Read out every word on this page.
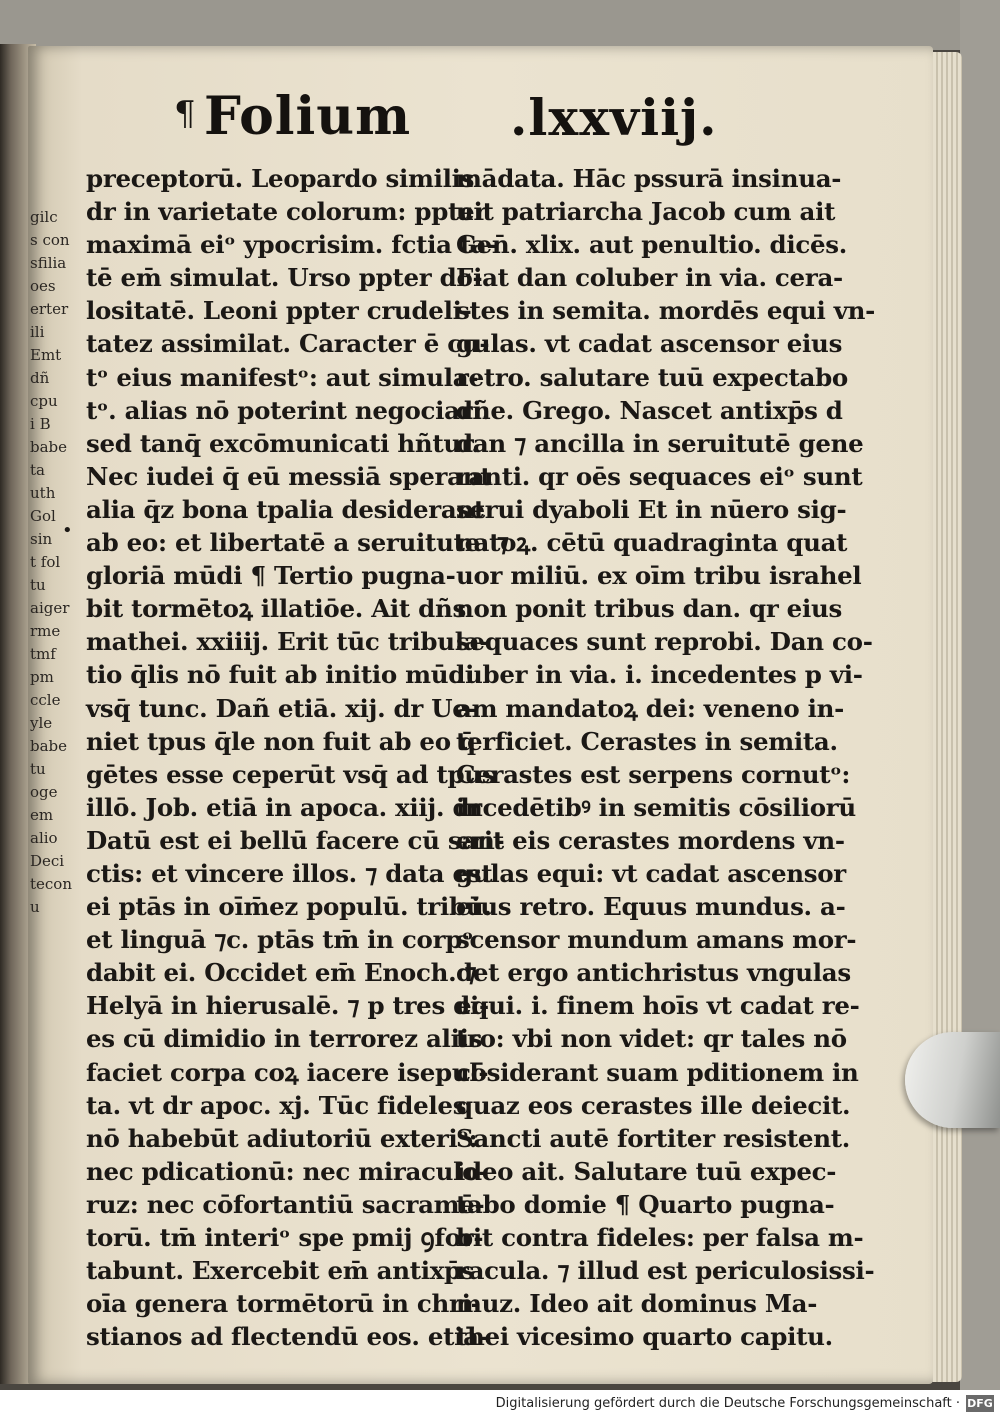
gilc
s con
sfilia
oes
erter
ili
Emt
dñ
cpu
i B
babe
ta
uth
Gol
sin
t fol
tu
aiger
rme
tmf
pm
ccle
yle
babe
tu
oge
em
alio
Deci
tecon
u
¶ Folium .lxxviij.
•
preceptorū. Leopardo similis
dr in varietate colorum: ppter
maximā eiᵒ ypocrisim. fctia ta-
tē em̄ simulat. Urso ppter do-
lositatē. Leoni ppter crudeli-
tatez assimilat. Caracter ē cu-
tᵒ eius manifestᵒ: aut simula-
tᵒ. alias nō poterint negociari:
sed tanq̄ excōmunicati hñtur.
Nec iudei q̄ eū messiā sperant
alia q̄z bona tpalia desiderant
ab eo: et libertatē a seruitute: ⁊
gloriā mūdi ¶ Tertio pugna-
bit tormētoꝝ illatiōe. Ait dñs
mathei. xxiiij. Erit tūc tribula-
tio q̄lis nō fuit ab initio mūdi
vsq̄ tunc. Dañ etiā. xij. dr Ue-
niet tpus q̄le non fuit ab eo q̄
gētes esse ceperūt vsq̄ ad tpus
illō. Job. etiā in apoca. xiij. dr
Datū est ei bellū facere cū san-
ctis: et vincere illos. ⁊ data est
ei ptās in oīm̄ez populū. tribū.
et linguā ⁊c. ptās tm̄ in corpᵒ
dabit ei. Occidet em̄ Enoch. ⁊
Helyā in hierusalē. ⁊ p tres di-
es cū dimidio in terrorez aliis
faciet corpa coꝝ iacere isepul-
ta. vt dr apoc. xj. Tūc fideles
nō habebūt adiutoriū exteriᵒ:
nec pdicationū: nec miraculo-
ruz: nec cōfortantiū sacramē-
torū. tm̄ interiᵒ spe pmij ꝯfor-
tabunt. Exercebit em̄ antixp̄s
oīa genera tormētorū in chri-
stianos ad flectendū eos. etiā-
mādata. Hāc pssurā insinua-
uit patriarcha Jacob cum ait
Gen̄. xlix. aut penultio. dicēs.
Fiat dan coluber in via. cera-
stes in semita. mordēs equi vn-
gulas. vt cadat ascensor eius
retro. salutare tuū expectabo
dñe. Grego. Nascet antixp̄s d
dan ⁊ ancilla in seruitutē gene
ranti. qr oēs sequaces eiᵒ sunt
serui dyaboli Et in nūero sig-
natoꝝ. cētū quadraginta quat
uor miliū. ex oīm tribu israhel
non ponit tribus dan. qr eius
sequaces sunt reprobi. Dan co-
luber in via. i. incedentes p vi-
am mandatoꝝ dei: veneno in-
terficiet. Cerastes in semita.
Cerastes est serpens cornutᵒ:
incedētibꝰ in semitis cōsiliorū
erit eis cerastes mordens vn-
gulas equi: vt cadat ascensor
eius retro. Equus mundus. a-
scensor mundum amans mor-
det ergo antichristus vngulas
equi. i. finem hoīs vt cadat re-
tro: vbi non videt: qr tales nō
cōsiderant suam pditionem in
quaz eos cerastes ille deiecit.
Sancti autē fortiter resistent.
ideo ait. Salutare tuū expec-
tabo domie ¶ Quarto pugna-
bit contra fideles: per falsa m-
racula. ⁊ illud est periculosissi-
muz. Ideo ait dominus Ma-
thei vicesimo quarto capitu.
Digitalisierung gefördert durch die Deutsche Forschungsgemeinschaft · DFG
